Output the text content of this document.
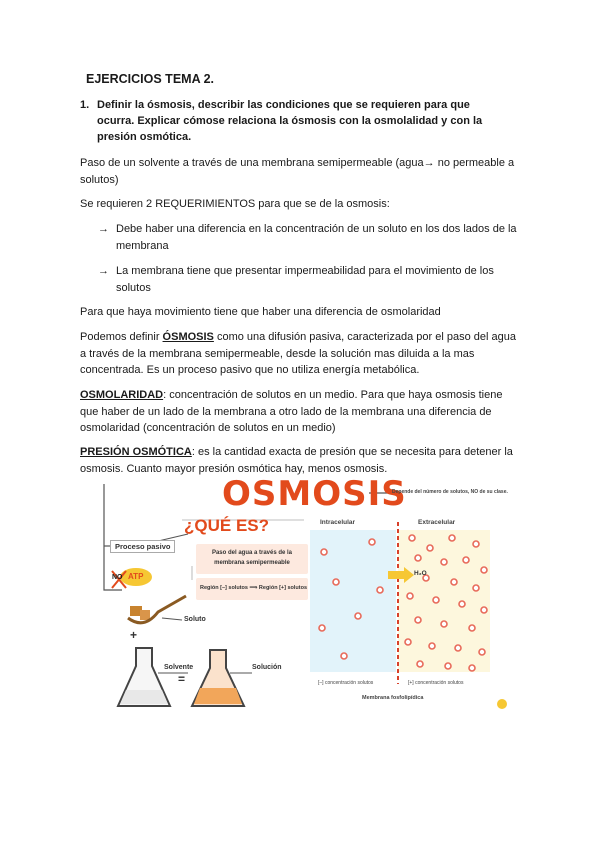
EJERCICIOS TEMA 2.
1. Definir la ósmosis, describir las condiciones que se requieren para que ocurra. Explicar cómose relaciona la ósmosis con la osmolalidad y con la presión osmótica.
Paso de un solvente a través de una membrana semipermeable (agua→ no permeable a solutos)
Se requieren 2 REQUERIMIENTOS para que se de la osmosis:
→ Debe haber una diferencia en la concentración de un soluto en los dos lados de la membrana
→ La membrana tiene que presentar impermeabilidad para el movimiento de los solutos
Para que haya movimiento tiene que haber una diferencia de osmolaridad
Podemos definir ÓSMOSIS como una difusión pasiva, caracterizada por el paso del agua a través de la membrana semipermeable, desde la solución mas diluida a la mas concentrada. Es un proceso pasivo que no utiliza energía metabólica.
OSMOLARIDAD: concentración de solutos en un medio. Para que haya osmosis tiene que haber de un lado de la membrana a otro lado de la membrana una diferencia de osmolaridad (concentración de solutos en un medio)
PRESIÓN OSMÓTICA: es la cantidad exacta de presión que se necesita para detener la osmosis. Cuanto mayor presión osmótica hay, menos osmosis.
OSMOSIS
Depende del número de solutos, NO de su clase.
¿QUÉ ES?
Proceso pasivo
NO ATP
Paso del agua a través de la membrana semipermeable
Región [–] solutos ⟹ Región [+] solutos
Soluto
+
=
Solvente	Solución
Intracelular	Extracelular
H₂O
[–] concentración solutos	[+] concentración solutos
Membrana fosfolipídica
